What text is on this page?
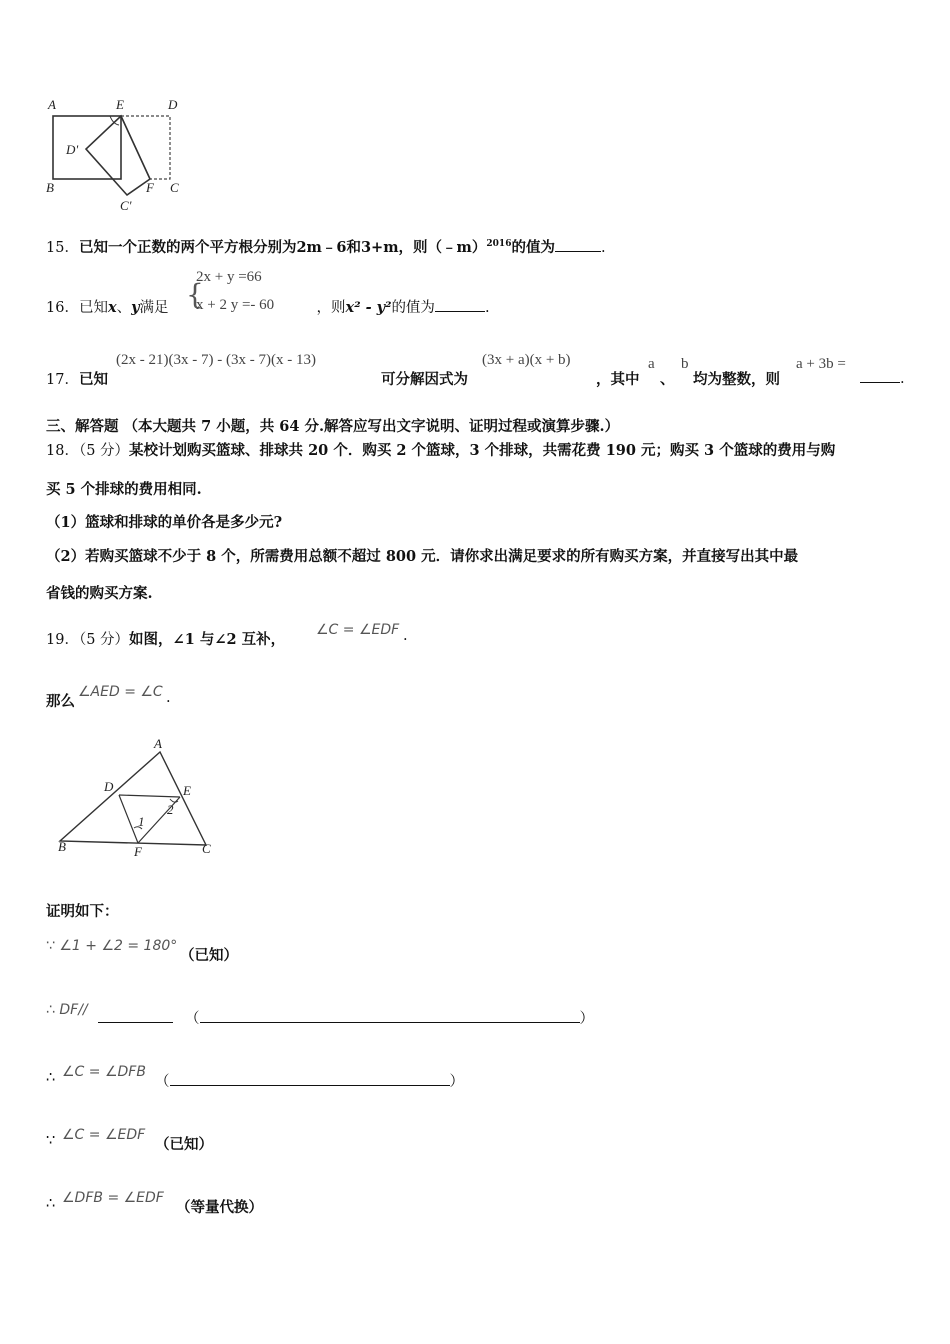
A	E	D
D'
B	F C
C'
15．已知一个正数的两个平方根分别为2m﹣6和3+m，则（﹣m）$^{2016}$的值为	.
16．已知x、y满足	，则x² - y²的值为	.
{
2x + y =66
x + 2 y =- 60
17．已知
(2x - 21)(3x - 7) - (3x - 7)(x - 13)
可分解因式为
(3x + a)(x + b)
，其中
a
、
b
均为整数，则
a + 3b =
.
三、解答题 （本大题共 7 小题，共 64 分.解答应写出文字说明、证明过程或演算步骤.）
18．（5 分）某校计划购买篮球、排球共 20 个．购买 2 个篮球，3 个排球，共需花费 190 元；购买 3 个篮球的费用与购
买 5 个排球的费用相同.
（1）篮球和排球的单价各是多少元?
（2）若购买篮球不少于 8 个，所需费用总额不超过 800 元．请你求出满足要求的所有购买方案，并直接写出其中最
省钱的购买方案.
19．（5 分）如图，∠1 与∠2 互补，
∠C = ∠EDF .
那么
∠AED = ∠C .
A
D	E
B	F	C
1
2
证明如下：
∵ ∠1 + ∠2 = 180°
（已知）
∴ DF//
（	）
∴ ∠C = ∠DFB
（	）
∵ ∠C = ∠EDF
（已知）
∴ ∠DFB = ∠EDF
（等量代换）
